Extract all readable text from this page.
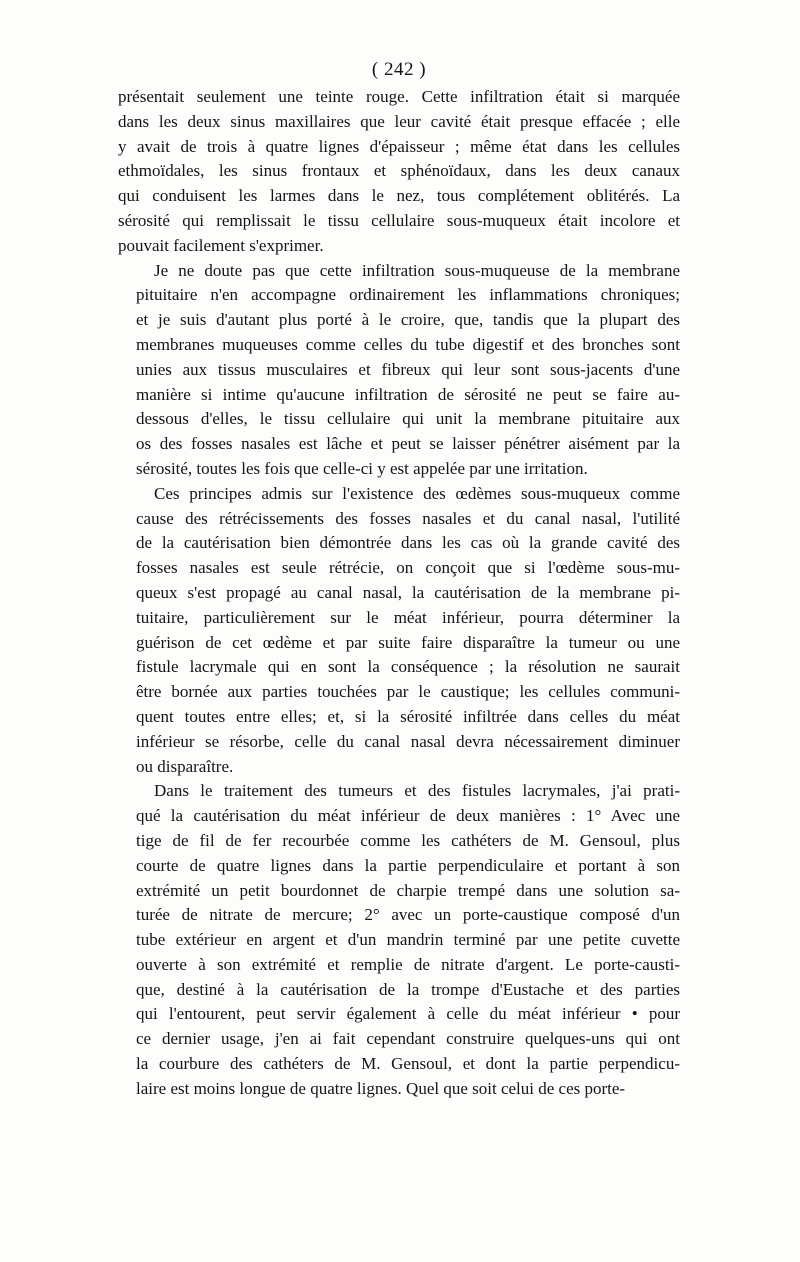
( 242 )

présentait seulement une teinte rouge. Cette infiltration était si marquée
dans les deux sinus maxillaires que leur cavité était presque effacée ; elle
y avait de trois à quatre lignes d'épaisseur ; même état dans les cellules
ethmoïdales, les sinus frontaux et sphénoïdaux, dans les deux canaux
qui conduisent les larmes dans le nez, tous complétement oblitérés. La
sérosité qui remplissait le tissu cellulaire sous-muqueux était incolore et
pouvait facilement s'exprimer.

Je ne doute pas que cette infiltration sous-muqueuse de la membrane
pituitaire n'en accompagne ordinairement les inflammations chroniques;
et je suis d'autant plus porté à le croire, que, tandis que la plupart des
membranes muqueuses comme celles du tube digestif et des bronches sont
unies aux tissus musculaires et fibreux qui leur sont sous-jacents d'une
manière si intime qu'aucune infiltration de sérosité ne peut se faire au-
dessous d'elles, le tissu cellulaire qui unit la membrane pituitaire aux
os des fosses nasales est lâche et peut se laisser pénétrer aisément par la
sérosité, toutes les fois que celle-ci y est appelée par une irritation.

Ces principes admis sur l'existence des œdèmes sous-muqueux comme
cause des rétrécissements des fosses nasales et du canal nasal, l'utilité
de la cautérisation bien démontrée dans les cas où la grande cavité des
fosses nasales est seule rétrécie, on conçoit que si l'œdème sous-mu-
queux s'est propagé au canal nasal, la cautérisation de la membrane pi-
tuitaire, particulièrement sur le méat inférieur, pourra déterminer la
guérison de cet œdème et par suite faire disparaître la tumeur ou une
fistule lacrymale qui en sont la conséquence ; la résolution ne saurait
être bornée aux parties touchées par le caustique; les cellules communi-
quent toutes entre elles; et, si la sérosité infiltrée dans celles du méat
inférieur se résorbe, celle du canal nasal devra nécessairement diminuer
ou disparaître.

Dans le traitement des tumeurs et des fistules lacrymales, j'ai prati-
qué la cautérisation du méat inférieur de deux manières : 1° Avec une
tige de fil de fer recourbée comme les cathéters de M. Gensoul, plus
courte de quatre lignes dans la partie perpendiculaire et portant à son
extrémité un petit bourdonnet de charpie trempé dans une solution sa-
turée de nitrate de mercure; 2° avec un porte-caustique composé d'un
tube extérieur en argent et d'un mandrin terminé par une petite cuvette
ouverte à son extrémité et remplie de nitrate d'argent. Le porte-causti-
que, destiné à la cautérisation de la trompe d'Eustache et des parties
qui l'entourent, peut servir également à celle du méat inférieur • pour
ce dernier usage, j'en ai fait cependant construire quelques-uns qui ont
la courbure des cathéters de M. Gensoul, et dont la partie perpendicu-
laire est moins longue de quatre lignes. Quel que soit celui de ces porte-
